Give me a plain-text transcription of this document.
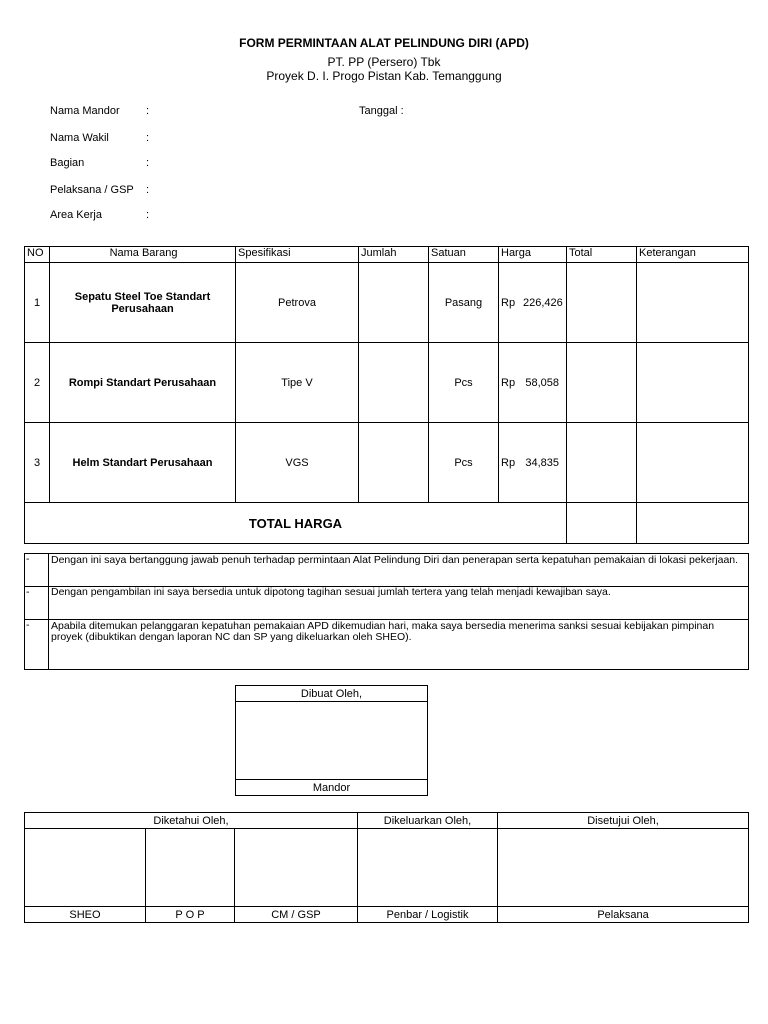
FORM PERMINTAAN ALAT PELINDUNG DIRI (APD)
PT. PP (Persero) Tbk
Proyek D. I. Progo Pistan Kab. Temanggung
Nama Mandor :	Tanggal :
Nama Wakil	:
Bagian	:
Pelaksana / GSP :
Area Kerja	:
NO	Nama Barang	Spesifikasi	Jumlah	Satuan	Harga	Total	Keterangan
1	Sepatu Steel Toe Standart Perusahaan	Petrova		Pasang	Rp 226,426		
2	Rompi Standart Perusahaan	Tipe V		Pcs	Rp 58,058		
3	Helm Standart Perusahaan	VGS		Pcs	Rp 34,835		
TOTAL HARGA							
-	Dengan ini saya bertanggung jawab penuh terhadap permintaan Alat Pelindung Diri dan penerapan serta kepatuhan pemakaian di lokasi pekerjaan.
-	Dengan pengambilan ini saya bersedia untuk dipotong tagihan sesuai jumlah tertera yang telah menjadi kewajiban saya.
-	Apabila ditemukan pelanggaran kepatuhan pemakaian APD dikemudian hari, maka saya bersedia menerima sanksi sesuai kebijakan pimpinan proyek (dibuktikan dengan laporan NC dan SP yang dikeluarkan oleh SHEO).
Dibuat Oleh,

Mandor
Diketahui Oleh,			Dikeluarkan Oleh,	Disetujui Oleh,

SHEO	P O P	CM / GSP	Penbar / Logistik	Pelaksana
